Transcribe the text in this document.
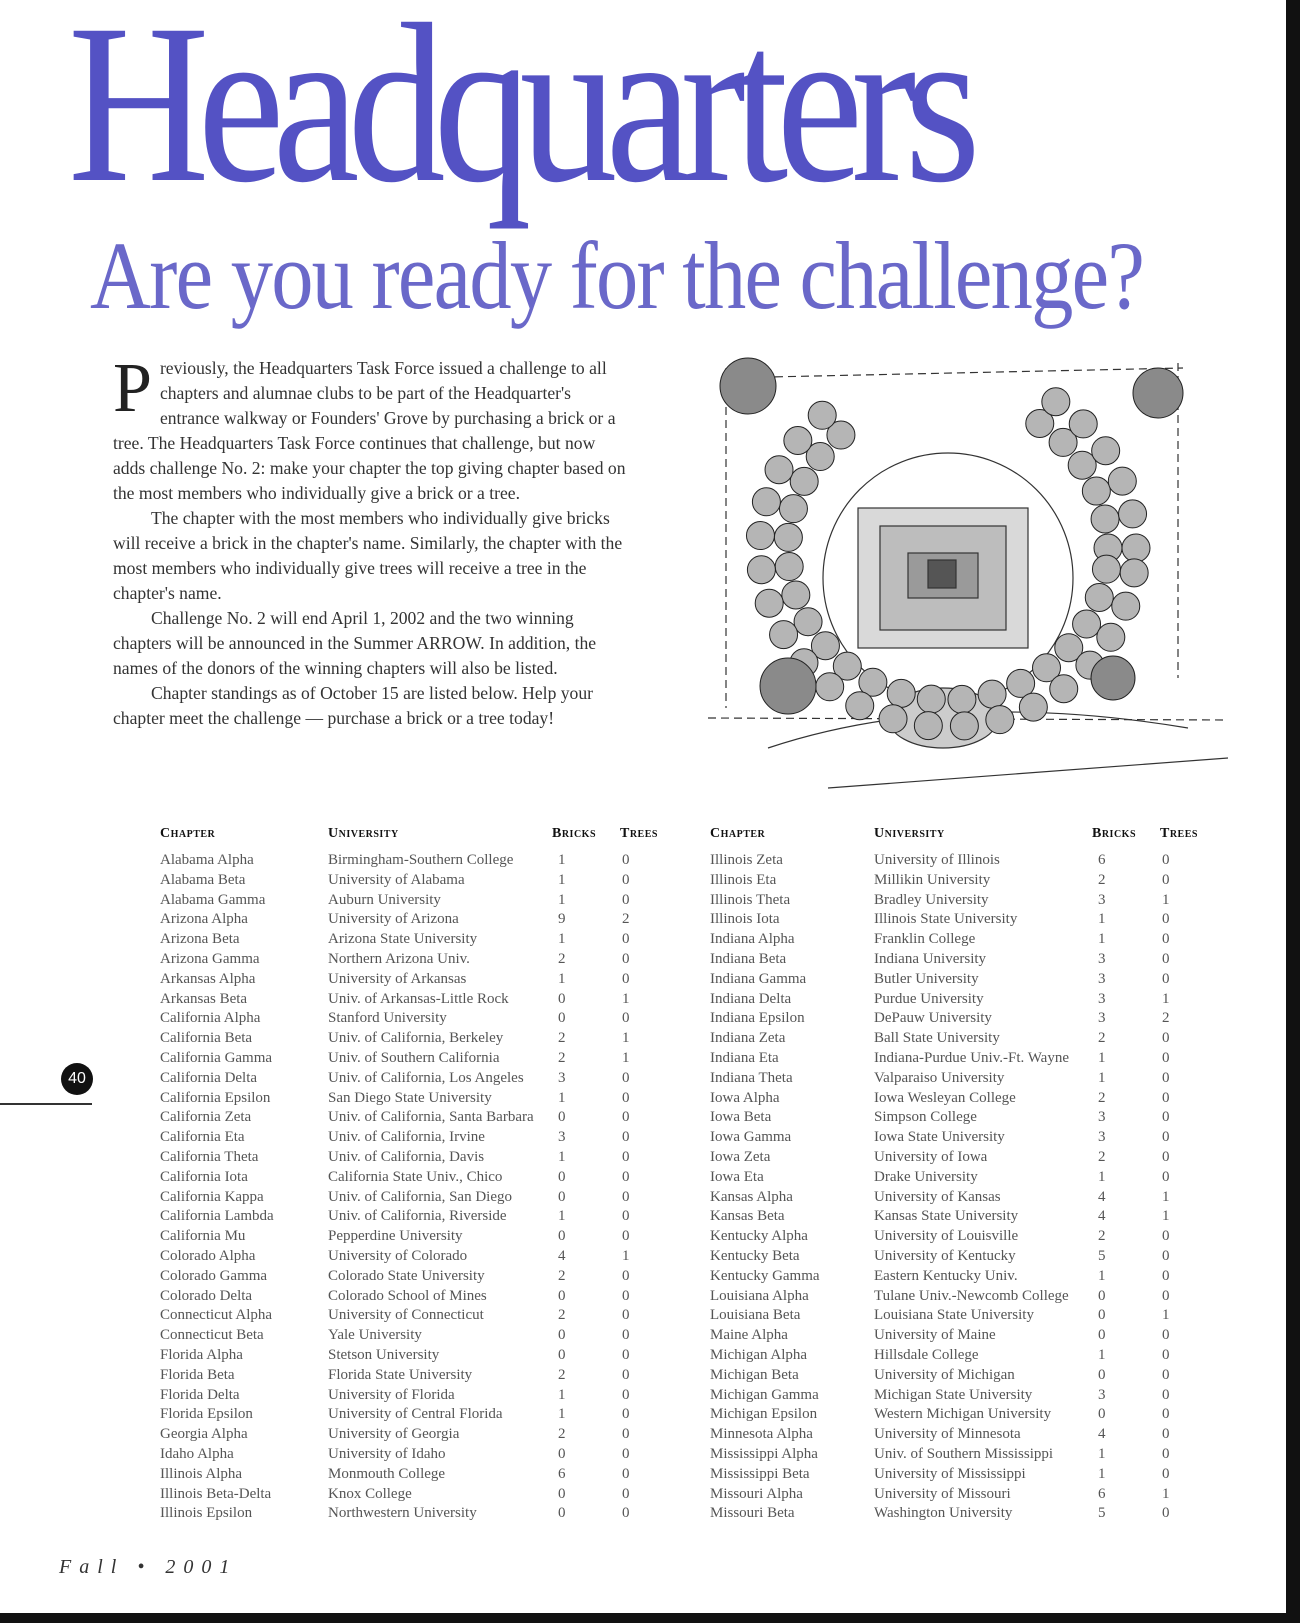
Headquarters
Are you ready for the challenge?

Previously, the Headquarters Task Force issued a challenge to all chapters and alumnae clubs to be part of the Headquarter's entrance walkway or Founders' Grove by purchasing a brick or a tree. The Headquarters Task Force continues that challenge, but now adds challenge No. 2: make your chapter the top giving chapter based on the most members who individually give a brick or a tree.

The chapter with the most members who individually give bricks will receive a brick in the chapter's name. Similarly, the chapter with the most members who individually give trees will receive a tree in the chapter's name.

Challenge No. 2 will end April 1, 2002 and the two winning chapters will be announced in the Summer ARROW. In addition, the names of the donors of the winning chapters will also be listed.

Chapter standings as of October 15 are listed below. Help your chapter meet the challenge — purchase a brick or a tree today!

Chapter	University	Bricks Trees
Alabama Alpha	Birmingham-Southern College	1	0
Alabama Beta	University of Alabama	1	0
Alabama Gamma	Auburn University	1	0
Arizona Alpha	University of Arizona	9	2
Arizona Beta	Arizona State University	1	0
Arizona Gamma	Northern Arizona Univ.	2	0
Arkansas Alpha	University of Arkansas	1	0
Arkansas Beta	Univ. of Arkansas-Little Rock	0	1
California Alpha	Stanford University	0	0
California Beta	Univ. of California, Berkeley	2	1
California Gamma	Univ. of Southern California	2	1
California Delta	Univ. of California, Los Angeles 3	0
California Epsilon	San Diego State University	1	0
California Zeta	Univ. of California, Santa Barbara 0	0
California Eta	Univ. of California, Irvine	3	0
California Theta	Univ. of California, Davis	1	0
California Iota	California State Univ., Chico	0	0
California Kappa	Univ. of California, San Diego	0	0
California Lambda	Univ. of California, Riverside	1	0
California Mu	Pepperdine University	0	0
Colorado Alpha	University of Colorado	4	1
Colorado Gamma	Colorado State University	2	0
Colorado Delta	Colorado School of Mines	0	0
Connecticut Alpha	University of Connecticut	2	0
Connecticut Beta	Yale University	0	0
Florida Alpha	Stetson University	0	0
Florida Beta	Florida State University	2	0
Florida Delta	University of Florida	1	0
Florida Epsilon	University of Central Florida	1	0
Georgia Alpha	University of Georgia	2	0
Idaho Alpha	University of Idaho	0	0
Illinois Alpha	Monmouth College	6	0
Illinois Beta-Delta	Knox College	0	0
Illinois Epsilon	Northwestern University	0	0
Chapter	University	Bricks Trees
Illinois Zeta	University of Illinois	6	0
Illinois Eta	Millikin University	2	0
Illinois Theta	Bradley University	3	1
Illinois Iota	Illinois State University	1	0
Indiana Alpha	Franklin College	1	0
Indiana Beta	Indiana University	3	0
Indiana Gamma	Butler University	3	0
Indiana Delta	Purdue University	3	1
Indiana Epsilon	DePauw University	3	2
Indiana Zeta	Ball State University	2	0
Indiana Eta	Indiana-Purdue Univ.-Ft. Wayne 1	0
Indiana Theta	Valparaiso University	1	0
Iowa Alpha	Iowa Wesleyan College	2	0
Iowa Beta	Simpson College	3	0
Iowa Gamma	Iowa State University	3	0
Iowa Zeta	University of Iowa	2	0
Iowa Eta	Drake University	1	0
Kansas Alpha	University of Kansas	4	1
Kansas Beta	Kansas State University	4	1
Kentucky Alpha	University of Louisville	2	0
Kentucky Beta	University of Kentucky	5	0
Kentucky Gamma	Eastern Kentucky Univ.	1	0
Louisiana Alpha	Tulane Univ.-Newcomb College 0	0
Louisiana Beta	Louisiana State University	0	1
Maine Alpha	University of Maine	0	0
Michigan Alpha	Hillsdale College	1	0
Michigan Beta	University of Michigan	0	0
Michigan Gamma	Michigan State University	3	0
Michigan Epsilon	Western Michigan University	0	0
Minnesota Alpha	University of Minnesota	4	0
Mississippi Alpha	Univ. of Southern Mississippi	1	0
Mississippi Beta	University of Mississippi	1	0
Missouri Alpha	University of Missouri	6	1
Missouri Beta	Washington University	5	0
40
Fall • 2001
